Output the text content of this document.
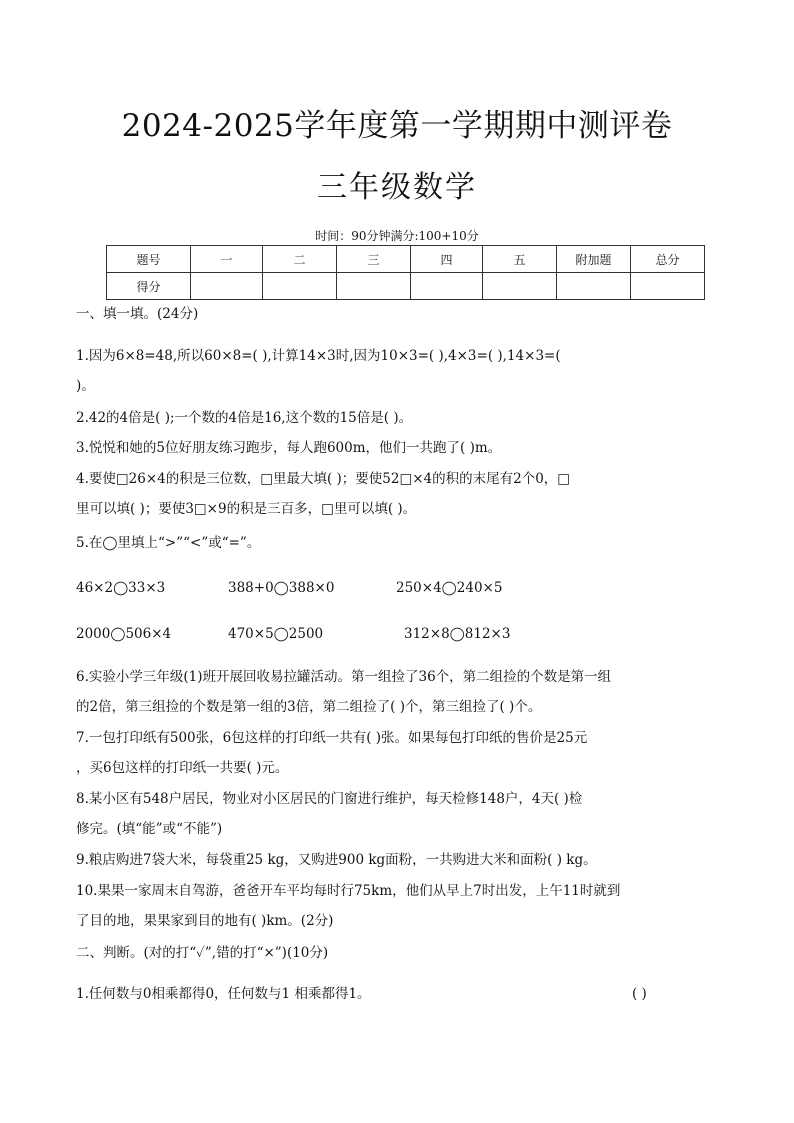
2024-2025学年度第一学期期中测评卷
三年级数学
时间：90分钟满分:100+10分
题号	一	二	三	四	五	附加题	总分
得分							
一、填一填。(24分)
1.因为6×8=48,所以60×8=( ),计算14×3时,因为10×3=( ),4×3=( ),14×3=(
)。
2.42的4倍是( );一个数的4倍是16,这个数的15倍是( )。
3.悦悦和她的5位好朋友练习跑步，每人跑600m，他们一共跑了( )m。
4.要使□26×4的积是三位数，□里最大填( )；要使52□×4的积的末尾有2个0，□
里可以填( )；要使3□×9的积是三百多，□里可以填( )。
5.在◯里填上“>”“<”或“=”。
46×2◯33×3	388+0◯388×0	250×4◯240×5
2000◯506×4	470×5◯2500	312×8◯812×3
6.实验小学三年级(1)班开展回收易拉罐活动。第一组捡了36个，第二组捡的个数是第一组
的2倍，第三组捡的个数是第一组的3倍，第二组捡了( )个，第三组捡了( )个。
7.一包打印纸有500张，6包这样的打印纸一共有( )张。如果每包打印纸的售价是25元
，买6包这样的打印纸一共要( )元。
8.某小区有548户居民，物业对小区居民的门窗进行维护，每天检修148户，4天( )检
修完。(填“能”或“不能”)
9.粮店购进7袋大米，每袋重25 kg，又购进900 kg面粉，一共购进大米和面粉( ) kg。
10.果果一家周末自驾游，爸爸开车平均每时行75km，他们从早上7时出发，上午11时就到
了目的地，果果家到目的地有( )km。(2分)
二、判断。(对的打“✓”,错的打“×”)(10分)
1.任何数与0相乘都得0，任何数与1 相乘都得1。	( )
